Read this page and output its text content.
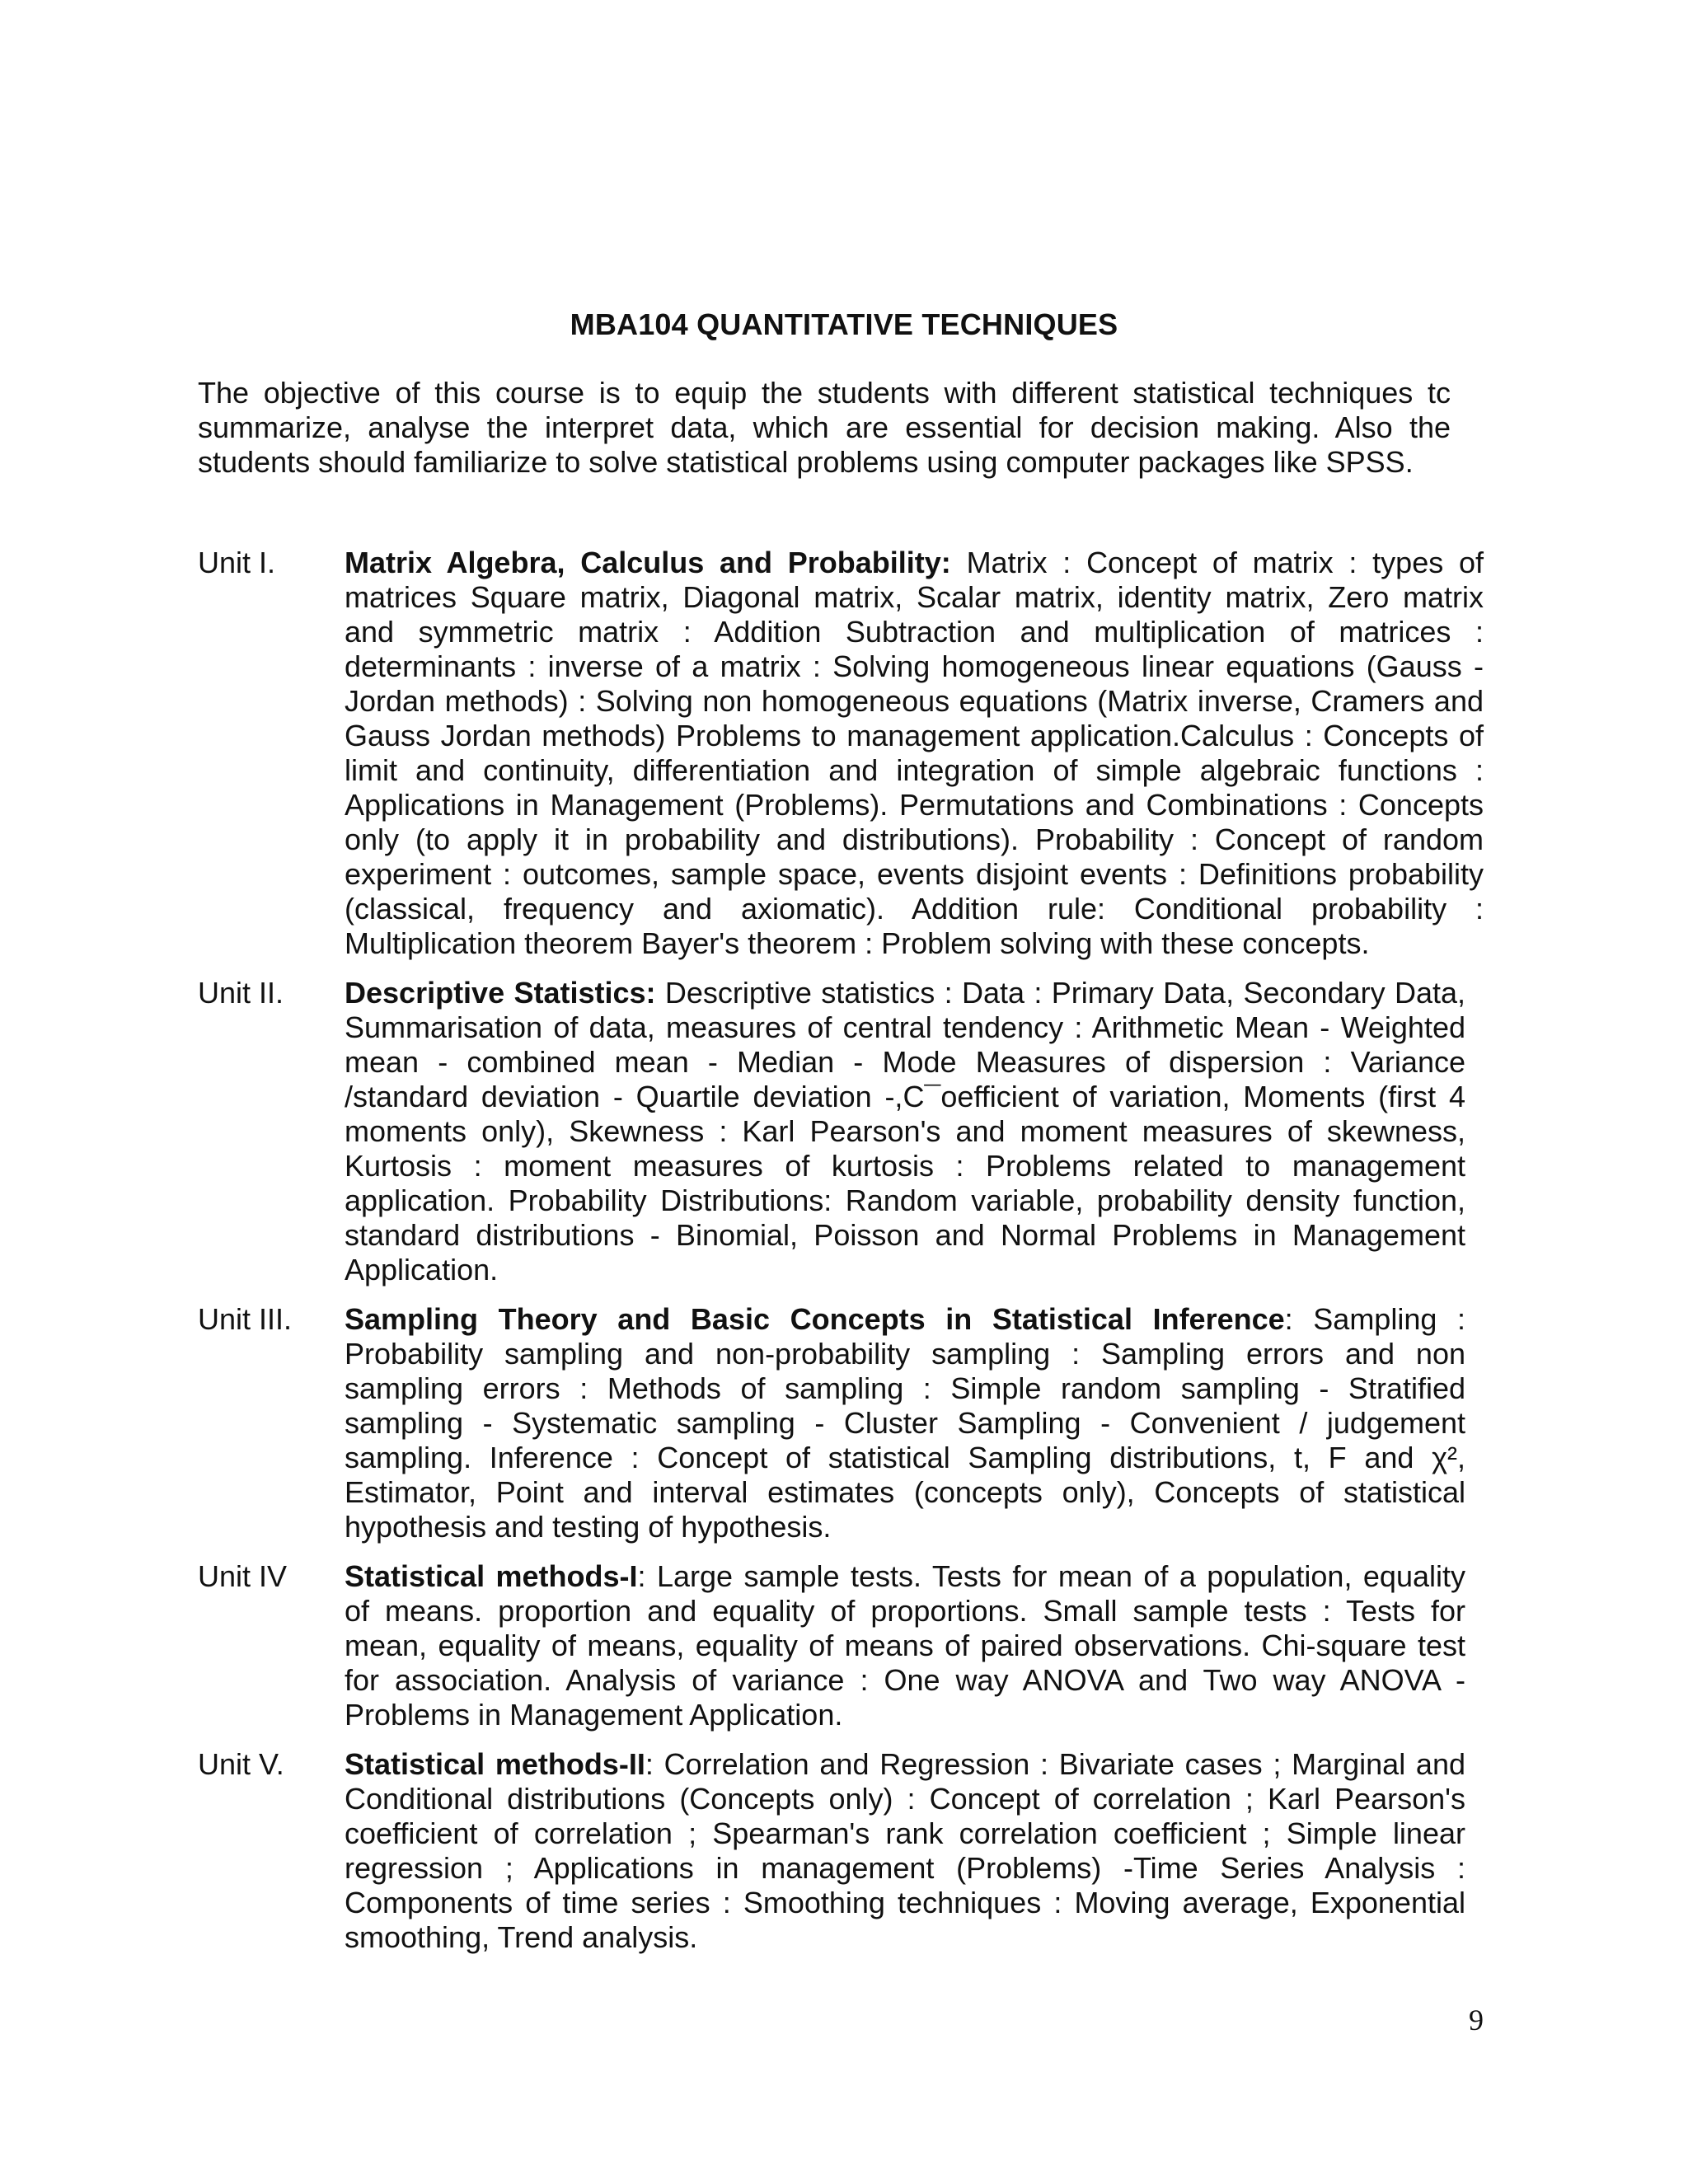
MBA104 QUANTITATIVE TECHNIQUES
The objective of this course is to equip the students with different statistical techniques tc summarize, analyse the interpret data, which are essential for decision making. Also the students should familiarize to solve statistical problems using computer packages like SPSS.
Unit I.	Matrix Algebra, Calculus and Probability: Matrix : Concept of matrix : types of matrices Square matrix, Diagonal matrix, Scalar matrix, identity matrix, Zero matrix and symmetric matrix : Addition Subtraction and multiplication of matrices : determinants : inverse of a matrix : Solving homogeneous linear equations (Gauss - Jordan methods) : Solving non homogeneous equations (Matrix inverse, Cramers and Gauss Jordan methods) Problems to management application.Calculus : Concepts of limit and continuity, differentiation and integration of simple algebraic functions : Applications in Management (Problems). Permutations and Combinations : Concepts only (to apply it in probability and distributions). Probability : Concept of random experiment : outcomes, sample space, events disjoint events : Definitions probability (classical, frequency and axiomatic). Addition rule: Conditional probability : Multiplication theorem Bayer's theorem : Problem solving with these concepts.
Unit II.	Descriptive Statistics: Descriptive statistics : Data : Primary Data, Secondary Data, Summarisation of data, measures of central tendency : Arithmetic Mean - Weighted mean - combined mean - Median - Mode Measures of dispersion : Variance /standard deviation - Quartile deviation -,C¯oefficient of variation, Moments (first 4 moments only), Skewness : Karl Pearson's and moment measures of skewness, Kurtosis : moment measures of kurtosis : Problems related to management application. Probability Distributions: Random variable, probability density function, standard distributions - Binomial, Poisson and Normal Problems in Management Application.
Unit III.	Sampling Theory and Basic Concepts in Statistical Inference: Sampling : Probability sampling and non-probability sampling : Sampling errors and non sampling errors : Methods of sampling : Simple random sampling - Stratified sampling - Systematic sampling - Cluster Sampling - Convenient / judgement sampling. Inference : Concept of statistical Sampling distributions, t, F and χ², Estimator, Point and interval estimates (concepts only), Concepts of statistical hypothesis and testing of hypothesis.
Unit IV	Statistical methods-I: Large sample tests. Tests for mean of a population, equality of means. proportion and equality of proportions. Small sample tests : Tests for mean, equality of means, equality of means of paired observations. Chi-square test for association. Analysis of variance : One way ANOVA and Two way ANOVA - Problems in Management Application.
Unit V.	Statistical methods-II: Correlation and Regression : Bivariate cases ; Marginal and Conditional distributions (Concepts only) : Concept of correlation ; Karl Pearson's coefficient of correlation ; Spearman's rank correlation coefficient ; Simple linear regression ; Applications in management (Problems) -Time Series Analysis : Components of time series : Smoothing techniques : Moving average, Exponential smoothing, Trend analysis.
9
